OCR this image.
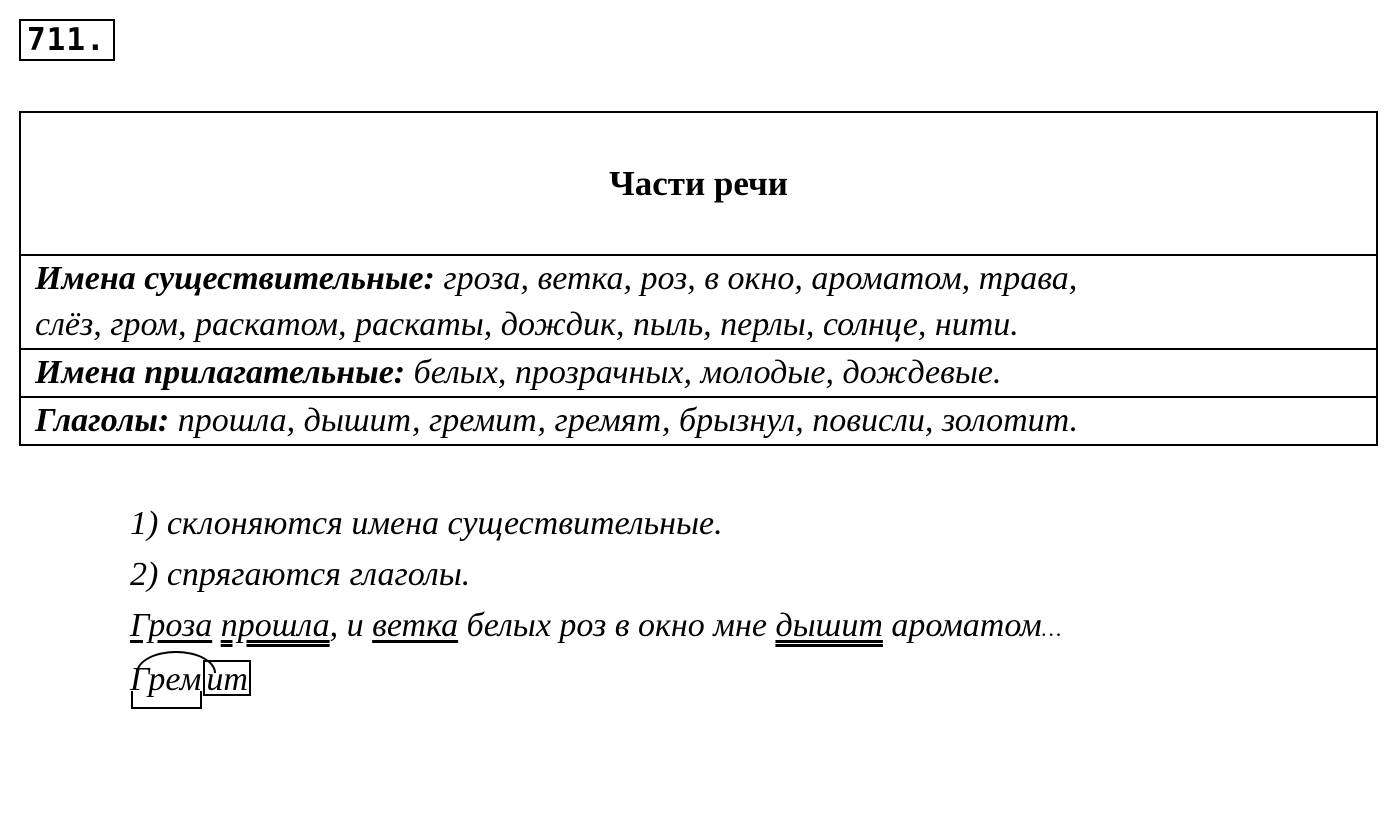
711.
Части речи
Имена существительные: гроза, ветка, роз, в окно, ароматом, трава,
слёз, гром, раскатом, раскаты, дождик, пыль, перлы, солнце, нити.
Имена прилагательные: белых, прозрачных, молодые, дождевые.
Глаголы: прошла, дышит, гремит, гремят, брызнул, повисли, золотит.

1) склоняются имена существительные.

2) спрягаются глаголы.

Гроза прошла, и ветка белых роз в окно мне дышит ароматом…

Грем ит
